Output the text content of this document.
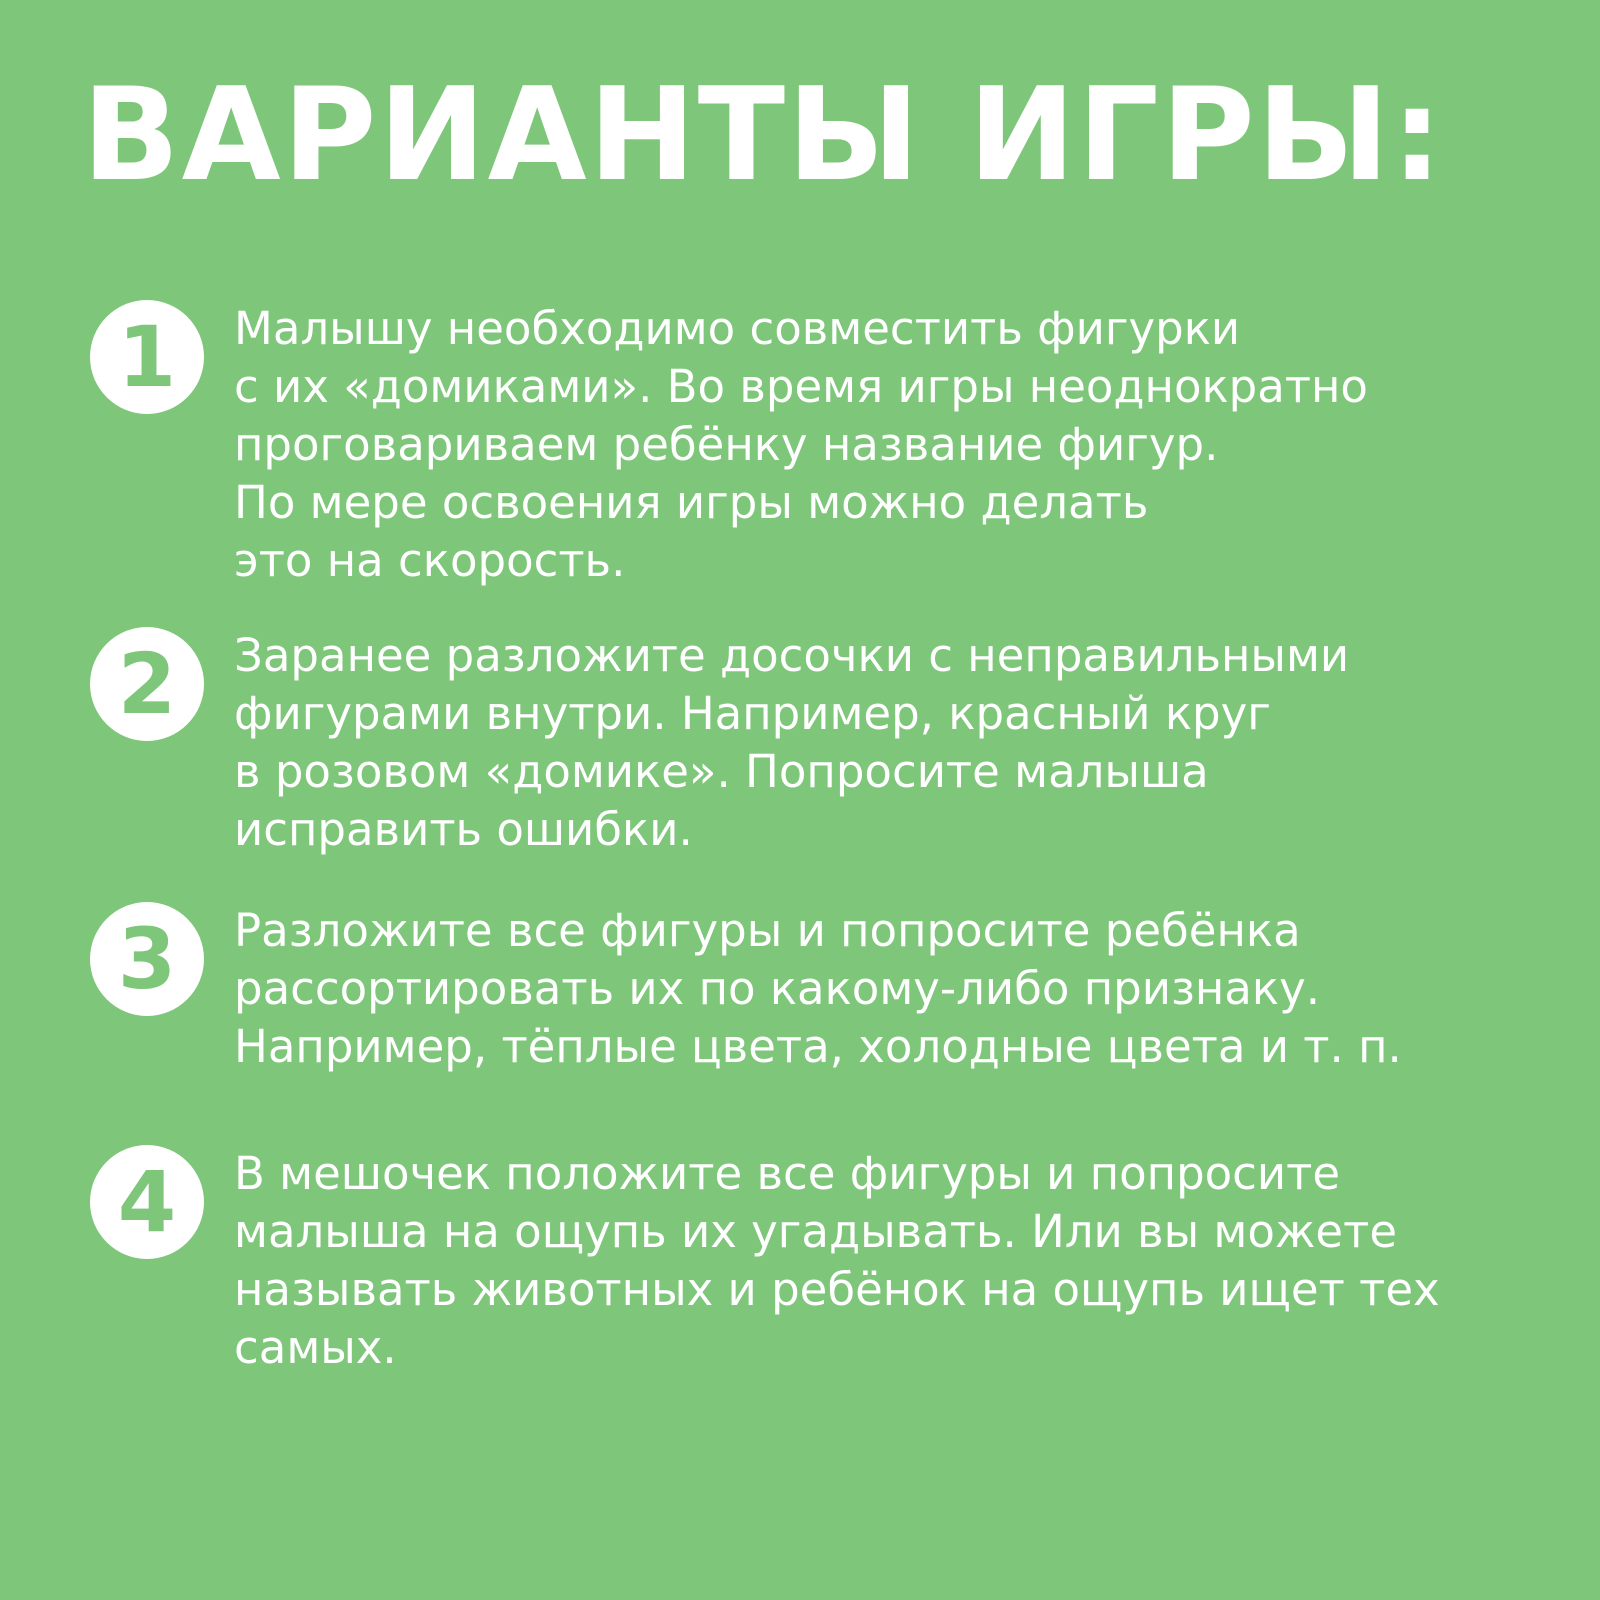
ВАРИАНТЫ ИГРЫ:
1	Малышу необходимо совместить фигурки
с их «домиками». Во время игры неоднократно
проговариваем ребёнку название фигур.
По мере освоения игры можно делать
это на скорость.

2	Заранее разложите досочки с неправильными
фигурами внутри. Например, красный круг
в розовом «домике». Попросите малыша
исправить ошибки.

3	Разложите все фигуры и попросите ребёнка
рассортировать их по какому-либо признаку.
Например, тёплые цвета, холодные цвета и т. п.

4	В мешочек положите все фигуры и попросите
малыша на ощупь их угадывать. Или вы можете
называть животных и ребёнок на ощупь ищет тех
самых.
